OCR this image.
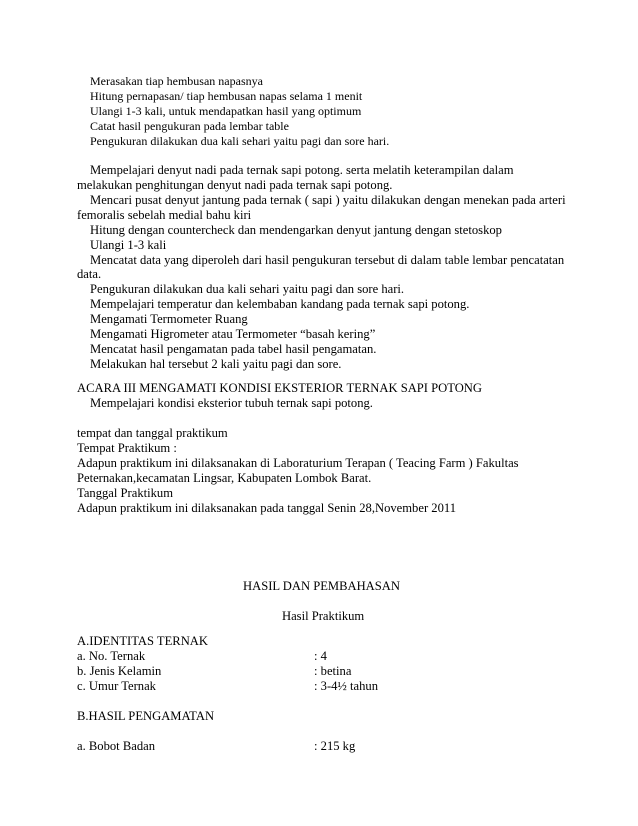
Merasakan tiap hembusan napasnya
Hitung pernapasan/ tiap hembusan napas selama 1 menit
Ulangi 1-3 kali, untuk mendapatkan hasil yang optimum
Catat hasil pengukuran pada lembar table
Pengukuran dilakukan dua kali sehari yaitu pagi dan sore hari.
Mempelajari denyut nadi pada ternak sapi potong. serta melatih keterampilan dalam
melakukan penghitungan denyut nadi pada ternak sapi potong.
Mencari pusat denyut jantung pada ternak ( sapi ) yaitu dilakukan dengan menekan pada arteri
femoralis sebelah medial bahu kiri
Hitung dengan countercheck dan mendengarkan denyut jantung dengan stetoskop
Ulangi 1-3 kali
Mencatat data yang diperoleh dari hasil pengukuran tersebut di dalam table lembar pencatatan
data.
Pengukuran dilakukan dua kali sehari yaitu pagi dan sore hari.
Mempelajari temperatur dan kelembaban kandang pada ternak sapi potong.
Mengamati Termometer Ruang
Mengamati Higrometer atau Termometer “basah kering”
Mencatat hasil pengamatan pada tabel hasil pengamatan.
Melakukan hal tersebut 2 kali yaitu pagi dan sore.
ACARA III MENGAMATI KONDISI EKSTERIOR TERNAK SAPI POTONG
Mempelajari kondisi eksterior tubuh ternak sapi potong.
tempat dan tanggal praktikum
Tempat Praktikum :
Adapun praktikum ini dilaksanakan di Laboraturium Terapan ( Teacing Farm ) Fakultas
Peternakan,kecamatan Lingsar, Kabupaten Lombok Barat.
Tanggal Praktikum
Adapun praktikum ini dilaksanakan pada tanggal Senin 28,November 2011
HASIL DAN PEMBAHASAN
Hasil Praktikum
A.IDENTITAS TERNAK
a. No. Ternak	: 4
b. Jenis Kelamin	: betina
c. Umur Ternak	: 3-4½ tahun
B.HASIL PENGAMATAN
a. Bobot Badan	: 215 kg
